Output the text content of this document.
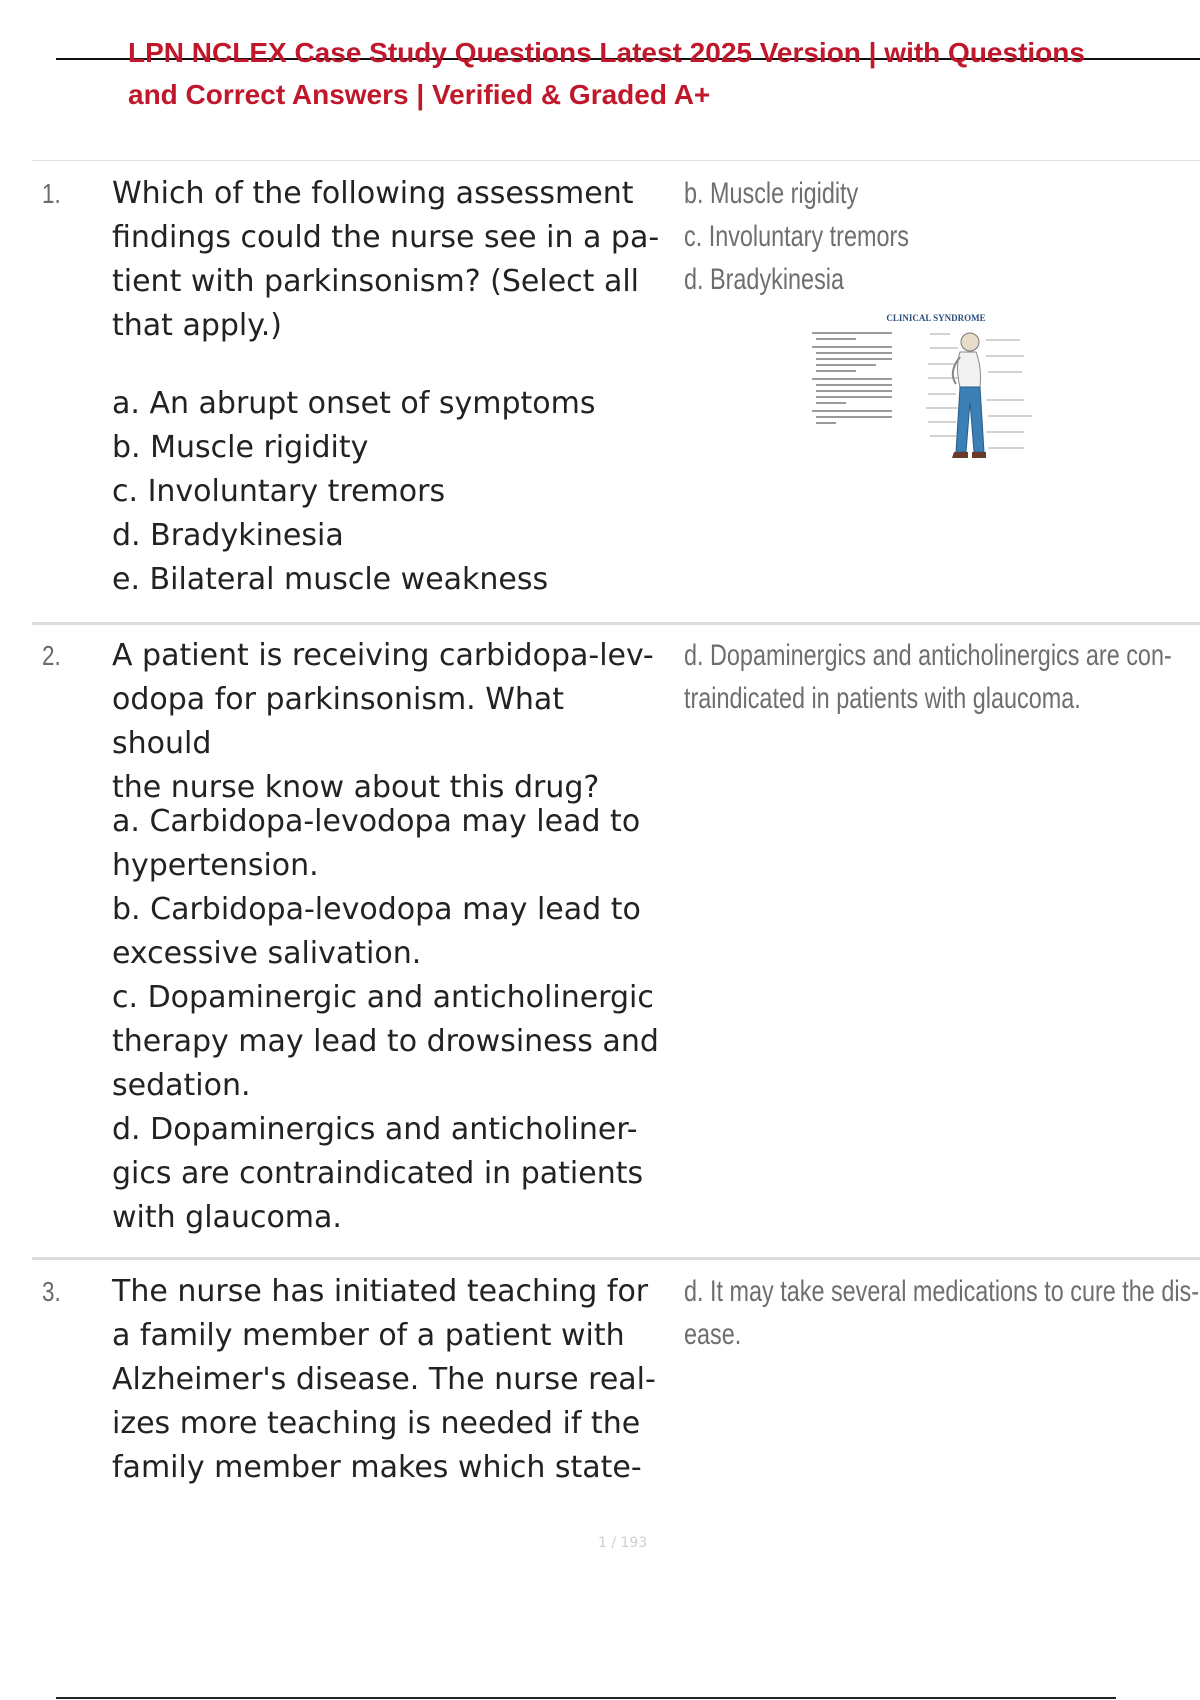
LPN NCLEX Case Study Questions Latest 2025 Version | with Questions
and Correct Answers | Verified & Graded A+
1. Which of the following assessment

findings could the nurse see in a pa-

tient with parkinsonism? (Select all

that apply.)

a. An abrupt onset of symptoms
b. Muscle rigidity
c. Involuntary tremors
d. Bradykinesia
e. Bilateral muscle weakness
b. Muscle rigidity
c. Involuntary tremors
d. Bradykinesia
CLINICAL SYNDROME
2. A patient is receiving carbidopa-lev-

odopa for parkinsonism. What should

the nurse know about this drug?

a. Carbidopa-levodopa may lead to
hypertension.
b. Carbidopa-levodopa may lead to
excessive salivation.
c. Dopaminergic and anticholinergic
therapy may lead to drowsiness and
sedation.
d. Dopaminergics and anticholiner-
gics are contraindicated in patients
with glaucoma.
d. Dopaminergics and anticholinergics are con-
traindicated in patients with glaucoma.
3. The nurse has initiated teaching for

a family member of a patient with

Alzheimer's disease. The nurse real-

izes more teaching is needed if the

family member makes which state-

d. It may take several medications to cure the dis-
ease.
1 / 193
